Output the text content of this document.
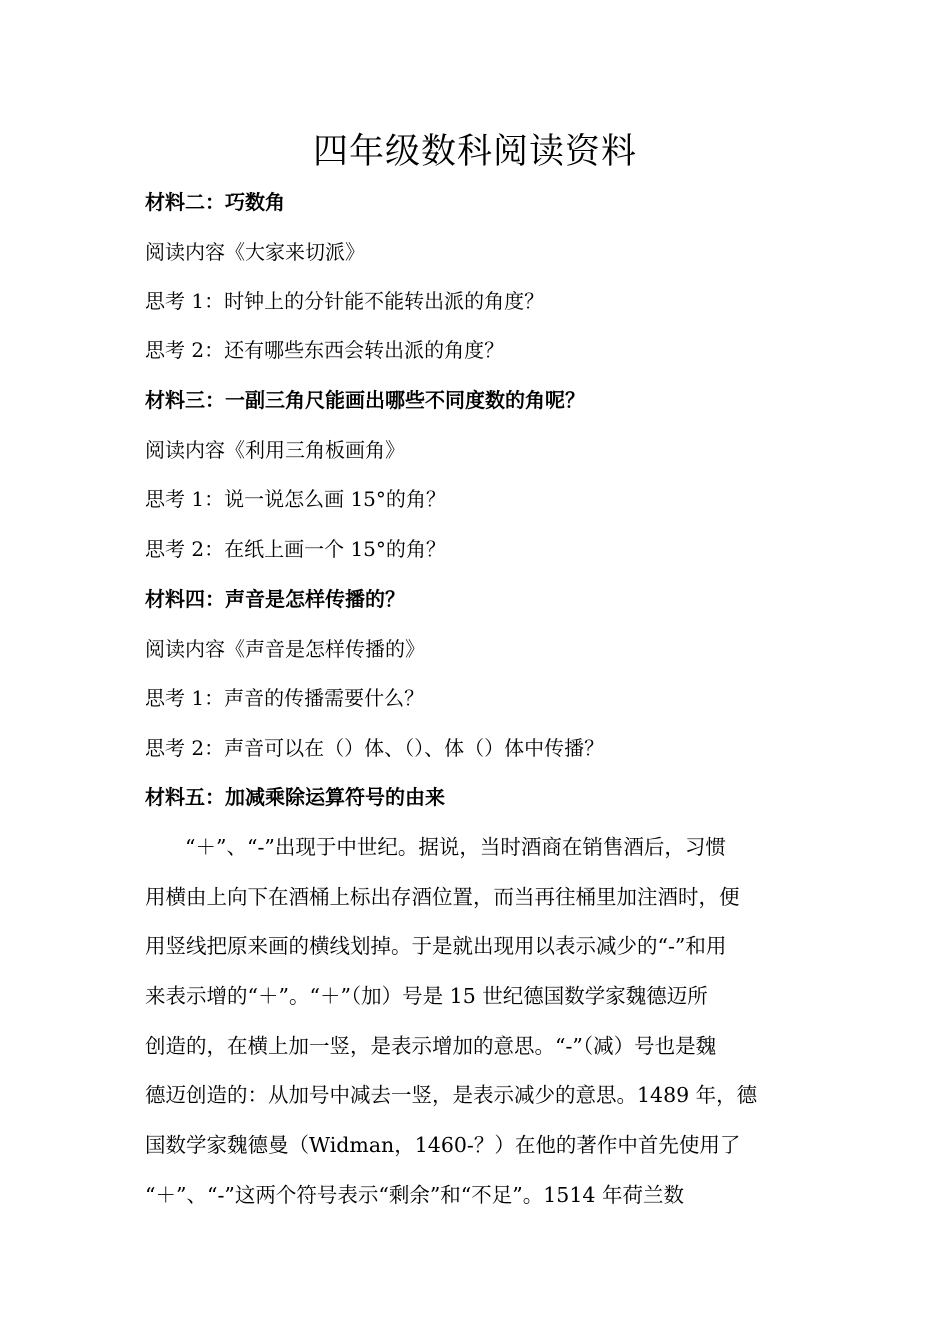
四年级数科阅读资料
材料二：巧数角
阅读内容《大家来切派》
思考 1：时钟上的分针能不能转出派的角度？
思考 2：还有哪些东西会转出派的角度？
材料三：一副三角尺能画出哪些不同度数的角呢？
阅读内容《利用三角板画角》
思考 1：说一说怎么画 15°的角？
思考 2：在纸上画一个 15°的角？
材料四：声音是怎样传播的？
阅读内容《声音是怎样传播的》
思考 1：声音的传播需要什么？
思考 2：声音可以在（）体、（）、体（）体中传播？
材料五：加减乘除运算符号的由来
“＋”、“-”出现于中世纪。据说，当时酒商在销售酒后，习惯
用横由上向下在酒桶上标出存酒位置，而当再往桶里加注酒时，便
用竖线把原来画的横线划掉。于是就出现用以表示减少的“-”和用
来表示增的“＋”。“＋”（加）号是 15 世纪德国数学家魏德迈所
创造的，在横上加一竖，是表示增加的意思。“-”（减）号也是魏
德迈创造的：从加号中减去一竖，是表示减少的意思。1489 年，德
国数学家魏德曼（Widman，1460-？）在他的著作中首先使用了
“＋”、“-”这两个符号表示“剩余”和“不足”。1514 年荷兰数
